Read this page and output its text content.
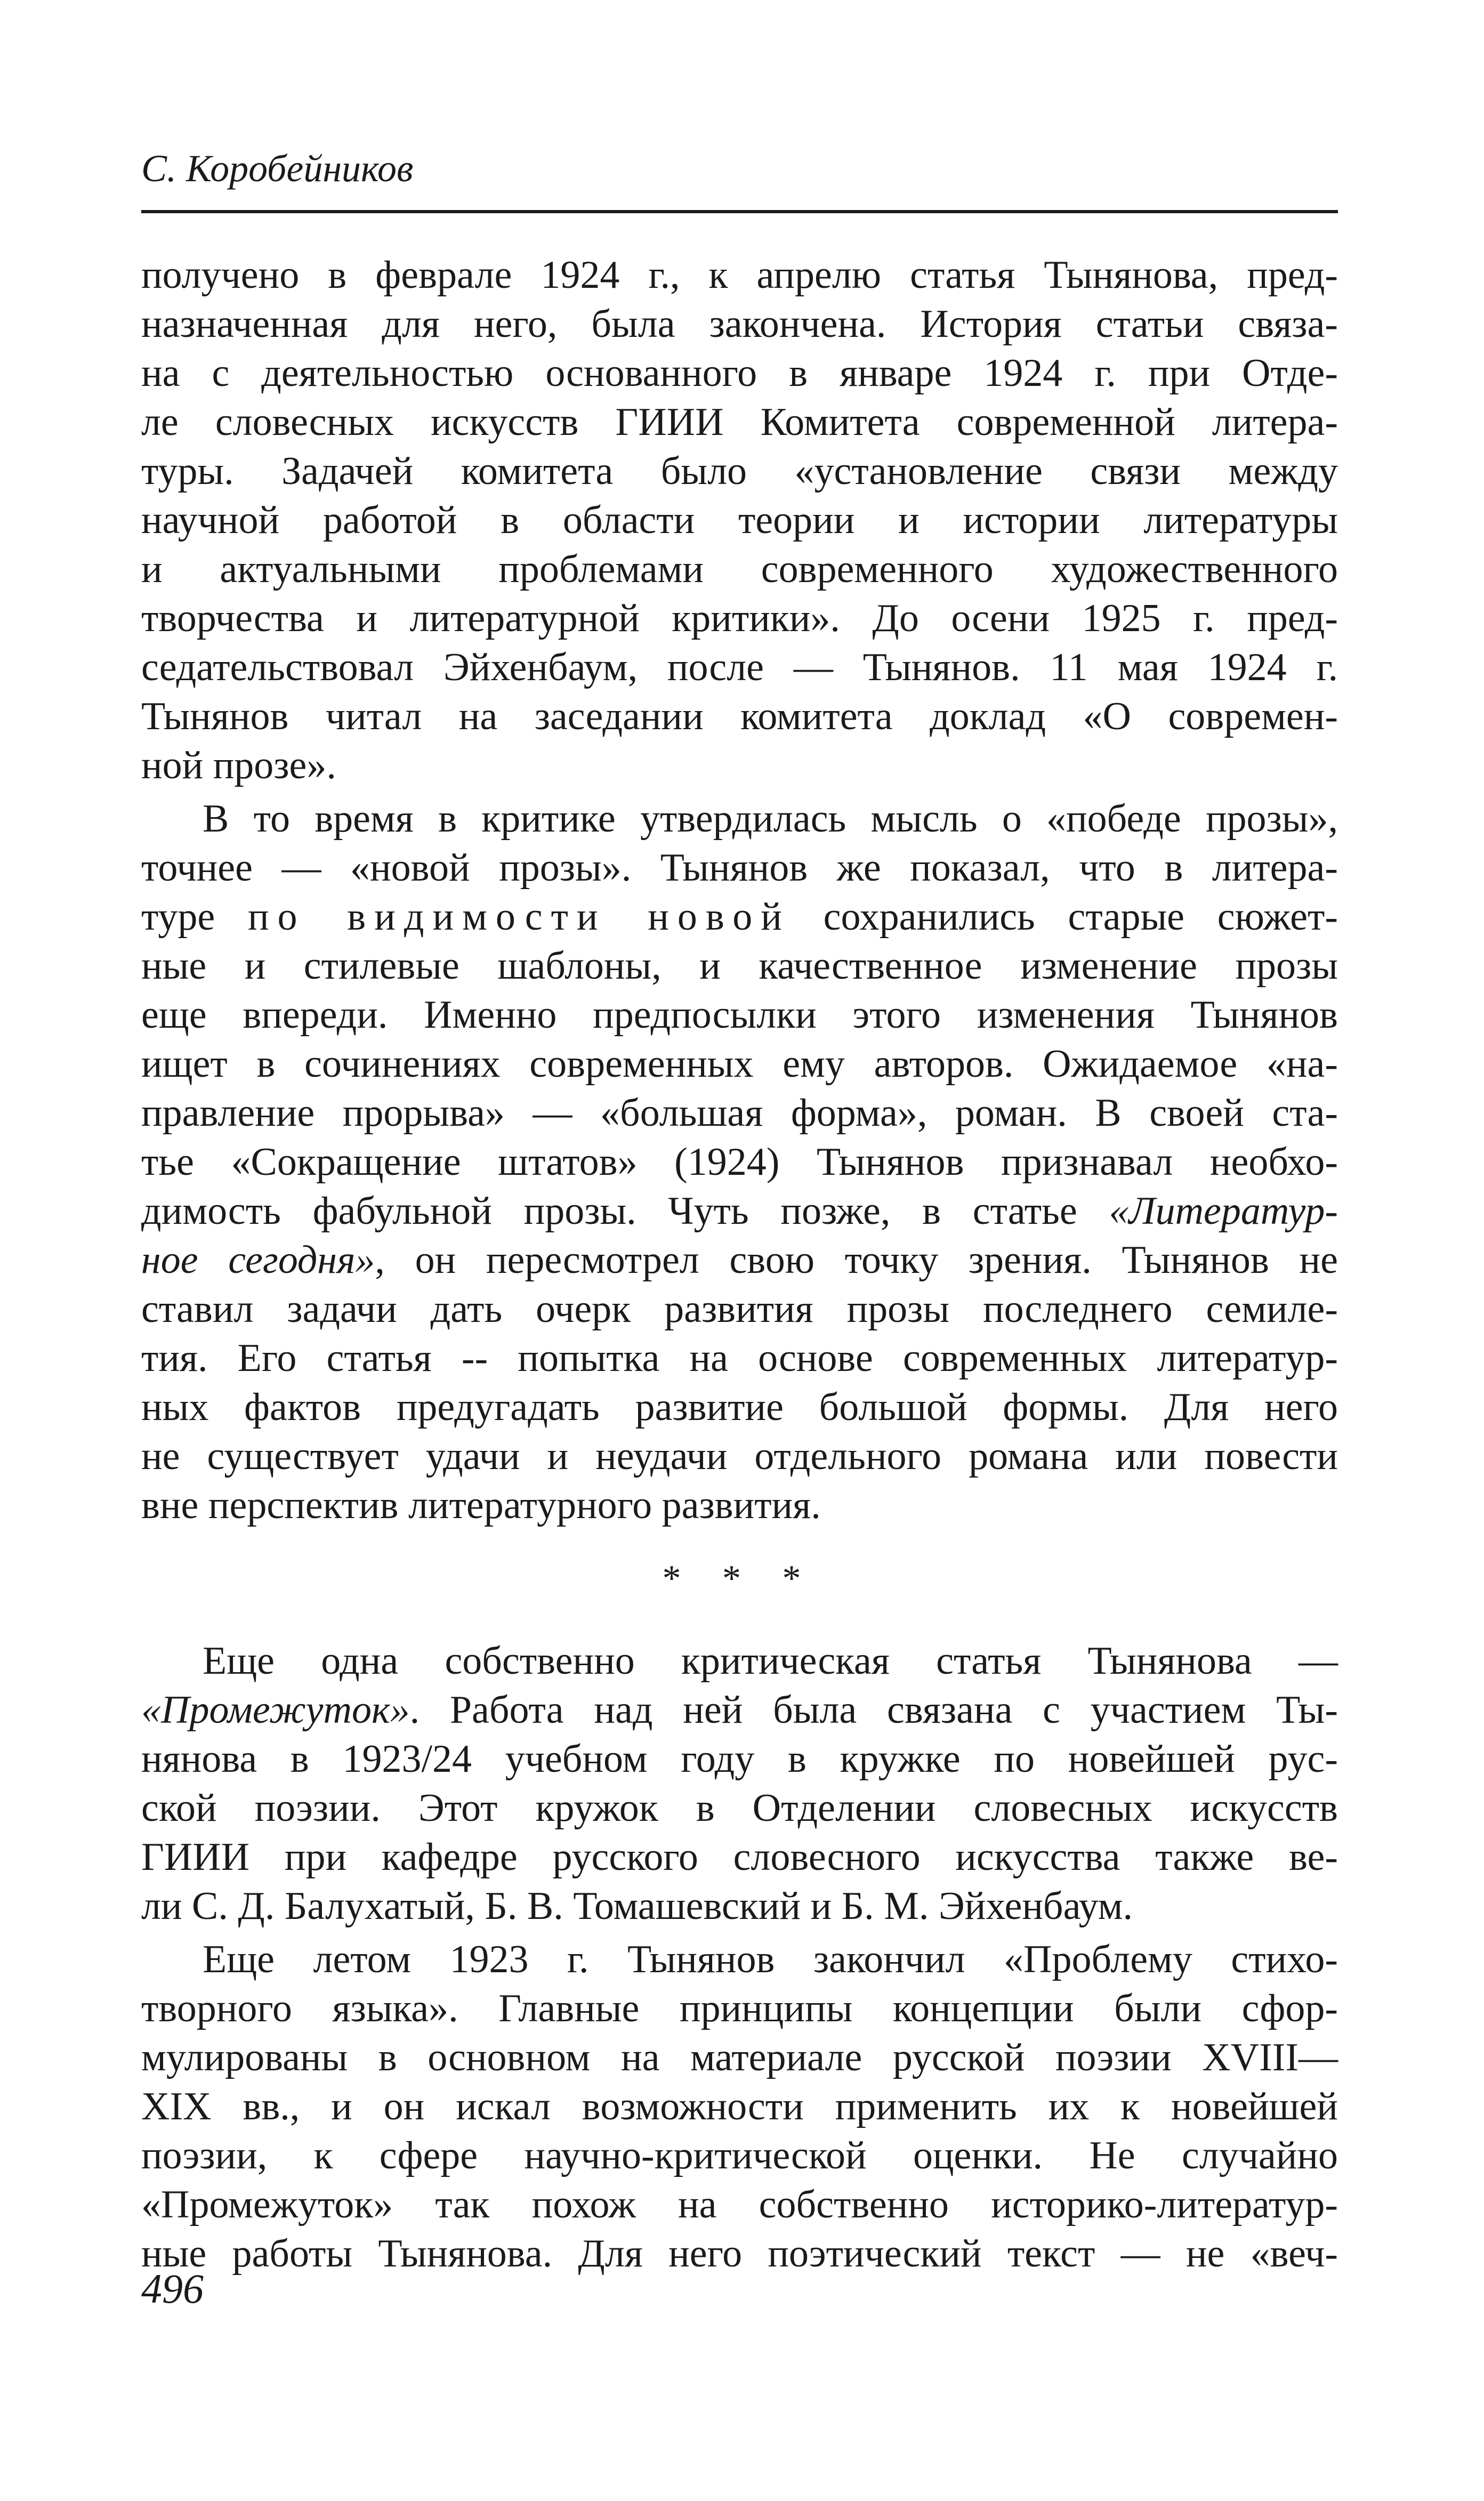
С. Коробейников
получено в феврале 1924 г., к апрелю статья Тынянова, пред-
назначенная для него, была закончена. История статьи связа-
на с деятельностью основанного в январе 1924 г. при Отде-
ле словесных искусств ГИИИ Комитета современной литера-
туры. Задачей комитета было «установление связи между
научной работой в области теории и истории литературы
и актуальными проблемами современного художественного
творчества и литературной критики». До осени 1925 г. пред-
седательствовал Эйхенбаум, после — Тынянов. 11 мая 1924 г.
Тынянов читал на заседании комитета доклад «О современ-
ной прозе».
В то время в критике утвердилась мысль о «победе прозы»,
точнее — «новой прозы». Тынянов же показал, что в литера-
туре по видимости новой сохранились старые сюжет-
ные и стилевые шаблоны, и качественное изменение прозы
еще впереди. Именно предпосылки этого изменения Тынянов
ищет в сочинениях современных ему авторов. Ожидаемое «на-
правление прорыва» — «большая форма», роман. В своей ста-
тье «Сокращение штатов» (1924) Тынянов признавал необхо-
димость фабульной прозы. Чуть позже, в статье «Литератур-
ное сегодня», он пересмотрел свою точку зрения. Тынянов не
ставил задачи дать очерк развития прозы последнего семиле-
тия. Его статья -- попытка на основе современных литератур-
ных фактов предугадать развитие большой формы. Для него
не существует удачи и неудачи отдельного романа или повести
вне перспектив литературного развития.
* * *
Еще одна собственно критическая статья Тынянова —
«Промежуток». Работа над ней была связана с участием Ты-
нянова в 1923/24 учебном году в кружке по новейшей рус-
ской поэзии. Этот кружок в Отделении словесных искусств
ГИИИ при кафедре русского словесного искусства также ве-
ли С. Д. Балухатый, Б. В. Томашевский и Б. М. Эйхенбаум.
Еще летом 1923 г. Тынянов закончил «Проблему стихо-
творного языка». Главные принципы концепции были сфор-
мулированы в основном на материале русской поэзии XVIII—
XIX вв., и он искал возможности применить их к новейшей
поэзии, к сфере научно-критической оценки. Не случайно
«Промежуток» так похож на собственно историко-литератур-
ные работы Тынянова. Для него поэтический текст — не «веч-
496
